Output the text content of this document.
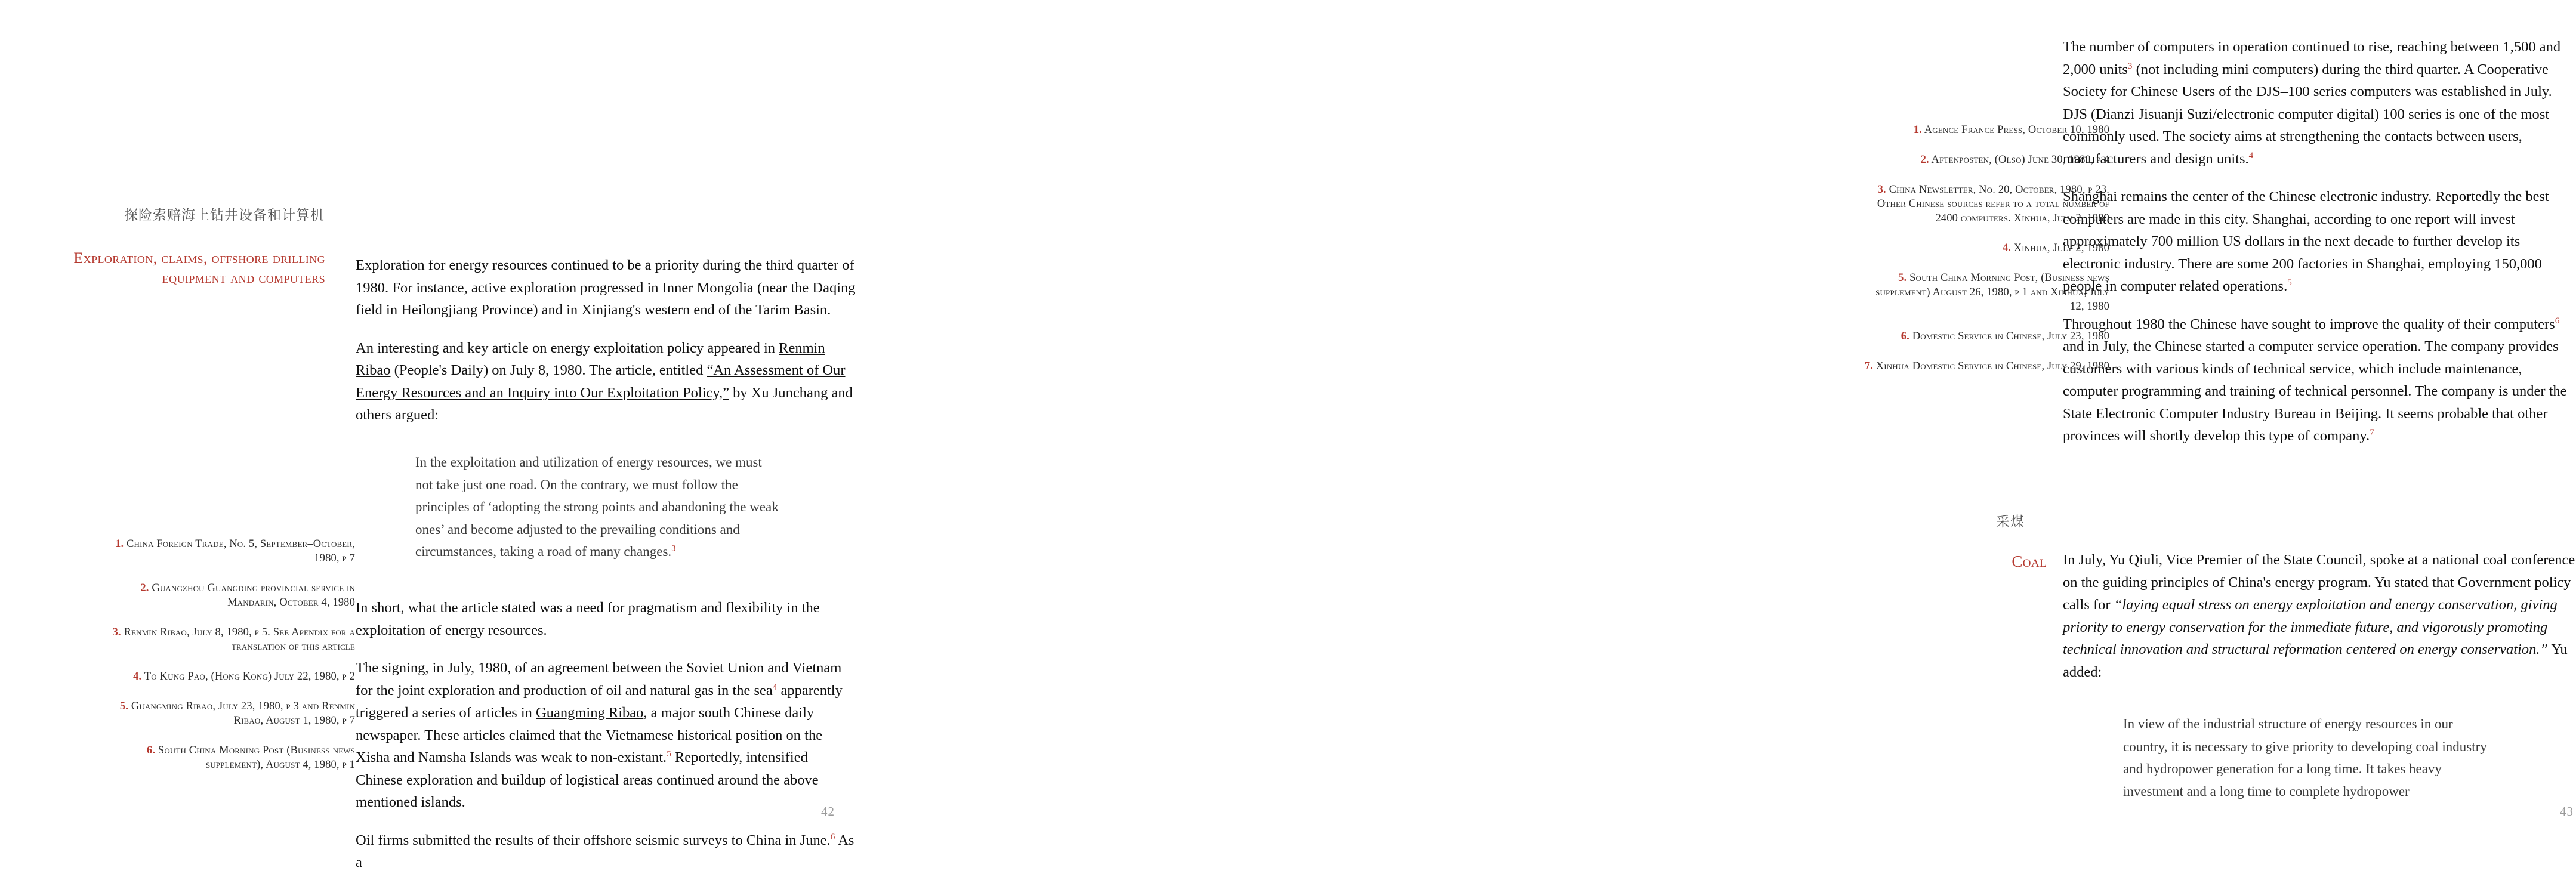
探险索赔海上钻井设备和计算机
Exploration, claims, offshore drilling equipment and computers

Exploration for energy resources continued to be a priority during the third quarter of 1980. For instance, active exploration progressed in Inner Mongolia (near the Daqing field in Heilongjiang Province) and in Xinjiang's western end of the Tarim Basin.

An interesting and key article on energy exploitation policy appeared in Renmin Ribao (People's Daily) on July 8, 1980. The article, entitled “An Assessment of Our Energy Resources and an Inquiry into Our Exploitation Policy,” by Xu Junchang and others argued:

In the exploitation and utilization of energy resources, we must not take just one road. On the contrary, we must follow the principles of ‘adopting the strong points and abandoning the weak ones’ and become adjusted to the prevailing conditions and circumstances, taking a road of many changes.$^3$

In short, what the article stated was a need for pragmatism and flexibility in the exploitation of energy resources.

The signing, in July, 1980, of an agreement between the Soviet Union and Vietnam for the joint exploration and production of oil and natural gas in the sea$^4$ apparently triggered a series of articles in Guangming Ribao, a major south Chinese daily newspaper. These articles claimed that the Vietnamese historical position on the Xisha and Namsha Islands was weak to non-existant.$^5$ Reportedly, intensified Chinese exploration and buildup of logistical areas continued around the above mentioned islands.

Oil firms submitted the results of their offshore seismic surveys to China in June.$^6$ As a

1. China Foreign Trade, No. 5, September–October, 1980, p 7
2. Guangzhou Guangding provincial service in Mandarin, October 4, 1980
3. Renmin Ribao, July 8, 1980, p 5. See Apendix for a translation of this article
4. To Kung Pao, (Hong Kong) July 22, 1980, p 2
5. Guangming Ribao, July 23, 1980, p 3 and Renmin Ribao, August 1, 1980, p 7
6. South China Morning Post (Business news supplement), August 4, 1980, p 1
42

The number of computers in operation continued to rise, reaching between 1,500 and 2,000 units$^3$ (not including mini computers) during the third quarter. A Cooperative Society for Chinese Users of the DJS–100 series computers was established in July. DJS (Dianzi Jisuanji Suzi/electronic computer digital) 100 series is one of the most commonly used. The society aims at strengthening the contacts between users, manufacturers and design units.$^4$

Shanghai remains the center of the Chinese electronic industry. Reportedly the best computers are made in this city. Shanghai, according to one report will invest approximately 700 million US dollars in the next decade to further develop its electronic industry. There are some 200 factories in Shanghai, employing 150,000 people in computer related operations.$^5$

Throughout 1980 the Chinese have sought to improve the quality of their computers$^6$ and in July, the Chinese started a computer service operation. The company provides customers with various kinds of technical service, which include maintenance, computer programming and training of technical personnel. The company is under the State Electronic Computer Industry Bureau in Beijing. It seems probable that other provinces will shortly develop this type of company.$^7$

1. Agence France Press, October 10, 1980
2. Aftenposten, (Olso) June 30, 1980, p 4
3. China Newsletter, No. 20, October, 1980, p 23. Other Chinese sources refer to a total number of 2400 computers. Xinhua, July 2, 1980
4. Xinhua, July 2, 1980
5. South China Morning Post, (Business news supplement) August 26, 1980, p 1 and Xinhua, July 12, 1980
6. Domestic Service in Chinese, July 23, 1980
7. Xinhua Domestic Service in Chinese, July 29, 1980
采煤
Coal In July, Yu Qiuli, Vice Premier of the State Council, spoke at a national coal conference on the guiding principles of China's energy program. Yu stated that Government policy calls for “laying equal stress on energy exploitation and energy conservation, giving priority to energy conservation for the immediate future, and vigorously promoting technical innovation and structural reformation centered on energy conservation.” Yu added:

In view of the industrial structure of energy resources in our country, it is necessary to give priority to developing coal industry and hydropower generation for a long time. It takes heavy investment and a long time to complete hydropower
43
